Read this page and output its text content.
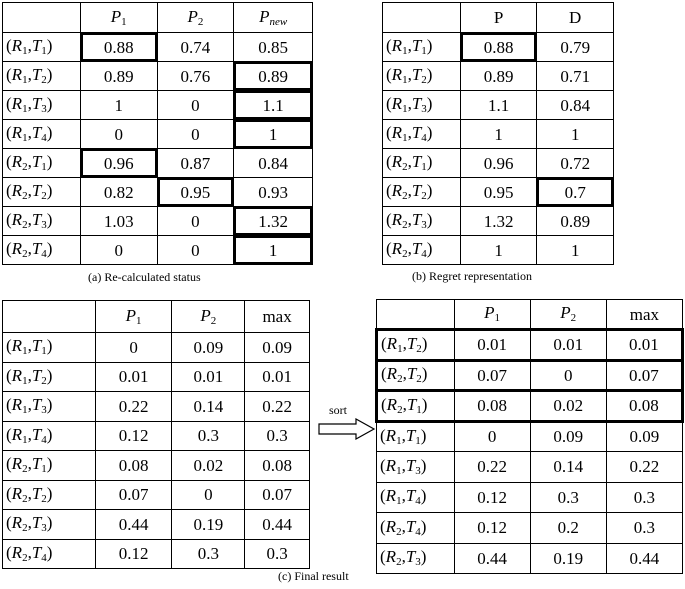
	$P_1$	$P_2$	$P_{new}$
$(R_1,T_1)$	0.88	0.74	0.85
$(R_1,T_2)$	0.89	0.76	0.89
$(R_1,T_3)$	1	0	1.1
$(R_1,T_4)$	0	0	1
$(R_2,T_1)$	0.96	0.87	0.84
$(R_2,T_2)$	0.82	0.95	0.93
$(R_2,T_3)$	1.03	0	1.32
$(R_2,T_4)$	0	0	1
(a) Re-calculated status
	P	D
$(R_1,T_1)$	0.88	0.79
$(R_1,T_2)$	0.89	0.71
$(R_1,T_3)$	1.1	0.84
$(R_1,T_4)$	1	1
$(R_2,T_1)$	0.96	0.72
$(R_2,T_2)$	0.95	0.7
$(R_2,T_3)$	1.32	0.89
$(R_2,T_4)$	1	1
(b) Regret representation
	$P_1$	$P_2$	max
$(R_1,T_1)$	0	0.09	0.09
$(R_1,T_2)$	0.01	0.01	0.01
$(R_1,T_3)$	0.22	0.14	0.22
$(R_1,T_4)$	0.12	0.3	0.3
$(R_2,T_1)$	0.08	0.02	0.08
$(R_2,T_2)$	0.07	0	0.07
$(R_2,T_3)$	0.44	0.19	0.44
$(R_2,T_4)$	0.12	0.3	0.3
sort
	$P_1$	$P_2$	max
$(R_1,T_2)$	0.01	0.01	0.01
$(R_2,T_2)$	0.07	0	0.07
$(R_2,T_1)$	0.08	0.02	0.08
$(R_1,T_1)$	0	0.09	0.09
$(R_1,T_3)$	0.22	0.14	0.22
$(R_1,T_4)$	0.12	0.3	0.3
$(R_2,T_4)$	0.12	0.2	0.3
$(R_2,T_3)$	0.44	0.19	0.44
(c) Final result
